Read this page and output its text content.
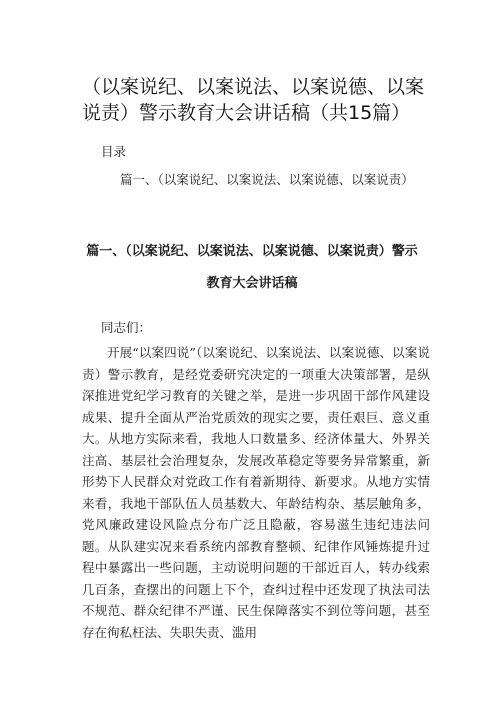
（以案说纪、以案说法、以案说德、以案说责）警示教育大会讲话稿（共15篇）
目录
篇一、（以案说纪、以案说法、以案说德、以案说责）
篇一、（以案说纪、以案说法、以案说德、以案说责）警示教育大会讲话稿
同志们：

开展“以案四说”（以案说纪、以案说法、以案说德、以案说责）警示教育，是经党委研究决定的一项重大决策部署，是纵深推进党纪学习教育的关键之举，是进一步巩固干部作风建设成果、提升全面从严治党质效的现实之要，责任艰巨、意义重大。从地方实际来看，我地人口数量多、经济体量大、外界关注高、基层社会治理复杂，发展改革稳定等要务异常繁重，新形势下人民群众对党政工作有着新期待、新要求。从地方实情来看，我地干部队伍人员基数大、年龄结构杂、基层触角多，党风廉政建设风险点分布广泛且隐蔽，容易滋生违纪违法问题。从队建实况来看系统内部教育整顿、纪律作风锤炼提升过程中暴露出一些问题，主动说明问题的干部近百人，转办线索几百条，查摆出的问题上下个，查纠过程中还发现了执法司法不规范、群众纪律不严谨、民生保障落实不到位等问题，甚至存在徇私枉法、失职失责、滥用
